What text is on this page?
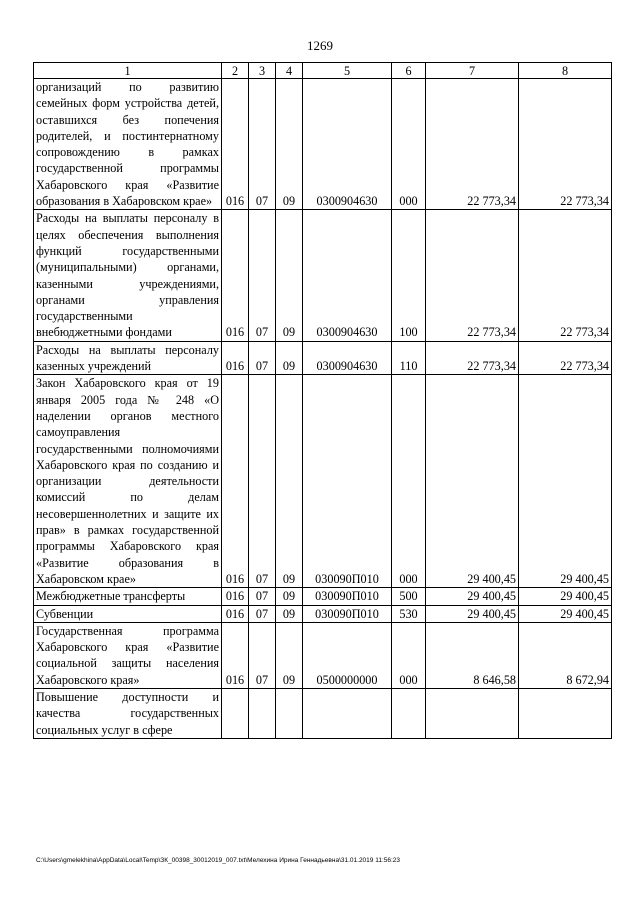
1269
1	2	3	4	5	6	7	8
организаций по развитию семейных форм устройства детей, оставшихся без попечения родителей, и постинтернатному сопровождению в рамках государственной программы Хабаровского края «Развитие образования в Хабаровском крае»	016	07	09	0300904630	000	22 773,34	22 773,34
Расходы на выплаты персоналу в целях обеспечения выполнения функций государственными (муниципальными) органами, казенными учреждениями, органами управления государственными внебюджетными фондами	016	07	09	0300904630	100	22 773,34	22 773,34
Расходы на выплаты персоналу казенных учреждений	016	07	09	0300904630	110	22 773,34	22 773,34
Закон Хабаровского края от 19 января 2005 года № 248 «О наделении органов местного самоуправления государственными полномочиями Хабаровского края по созданию и организации деятельности комиссий по делам несовершеннолетних и защите их прав» в рамках государственной программы Хабаровского края «Развитие образования в Хабаровском крае»	016	07	09	030090П010	000	29 400,45	29 400,45
Межбюджетные трансферты	016	07	09	030090П010	500	29 400,45	29 400,45
Субвенции	016	07	09	030090П010	530	29 400,45	29 400,45
Государственная программа Хабаровского края «Развитие социальной защиты населения Хабаровского края»	016	07	09	0500000000	000	8 646,58	8 672,94
Повышение доступности и качества государственных социальных услуг в сфере							
C:\Users\gmelekhina\AppData\Local\Temp\ЗК_00398_30012019_007.txt\Мелехина Ирина Геннадьевна\31.01.2019 11:56:23
